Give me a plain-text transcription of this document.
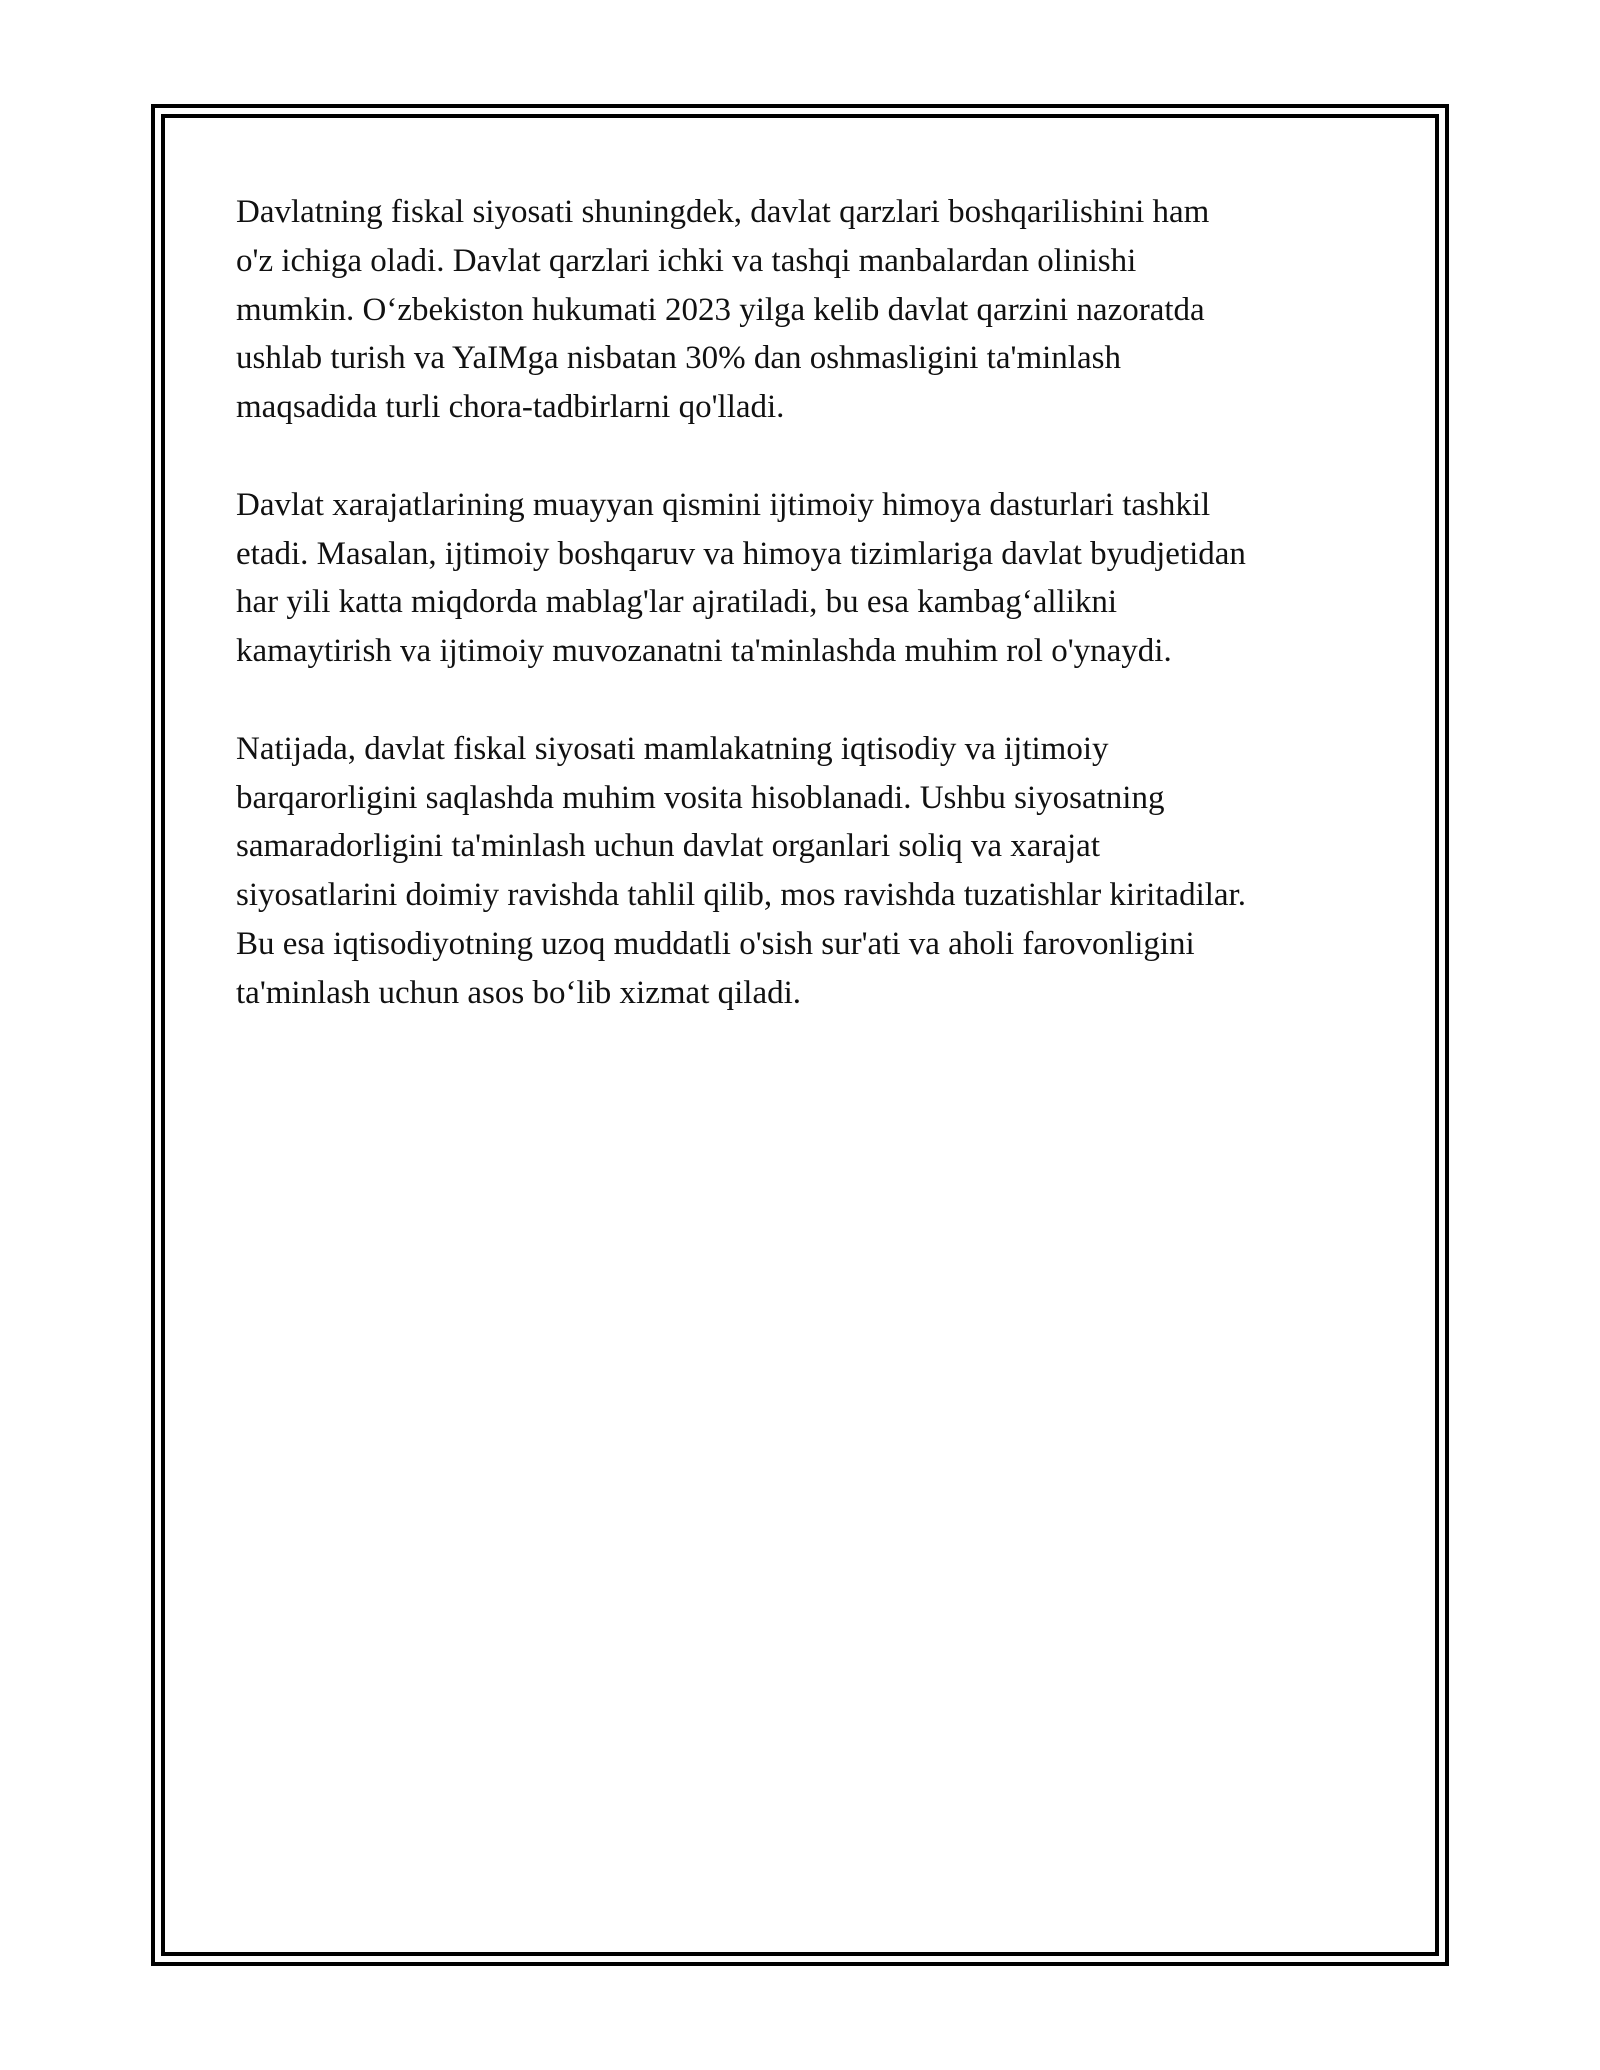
Davlatning fiskal siyosati shuningdek, davlat qarzlari boshqarilishini ham
o'z ichiga oladi. Davlat qarzlari ichki va tashqi manbalardan olinishi
mumkin. O‘zbekiston hukumati 2023 yilga kelib davlat qarzini nazoratda
ushlab turish va YaIMga nisbatan 30% dan oshmasligini ta'minlash
maqsadida turli chora-tadbirlarni qo'lladi.

Davlat xarajatlarining muayyan qismini ijtimoiy himoya dasturlari tashkil
etadi. Masalan, ijtimoiy boshqaruv va himoya tizimlariga davlat byudjetidan
har yili katta miqdorda mablag'lar ajratiladi, bu esa kambag‘allikni
kamaytirish va ijtimoiy muvozanatni ta'minlashda muhim rol o'ynaydi.

Natijada, davlat fiskal siyosati mamlakatning iqtisodiy va ijtimoiy
barqarorligini saqlashda muhim vosita hisoblanadi. Ushbu siyosatning
samaradorligini ta'minlash uchun davlat organlari soliq va xarajat
siyosatlarini doimiy ravishda tahlil qilib, mos ravishda tuzatishlar kiritadilar.
Bu esa iqtisodiyotning uzoq muddatli o'sish sur'ati va aholi farovonligini
ta'minlash uchun asos bo‘lib xizmat qiladi.
